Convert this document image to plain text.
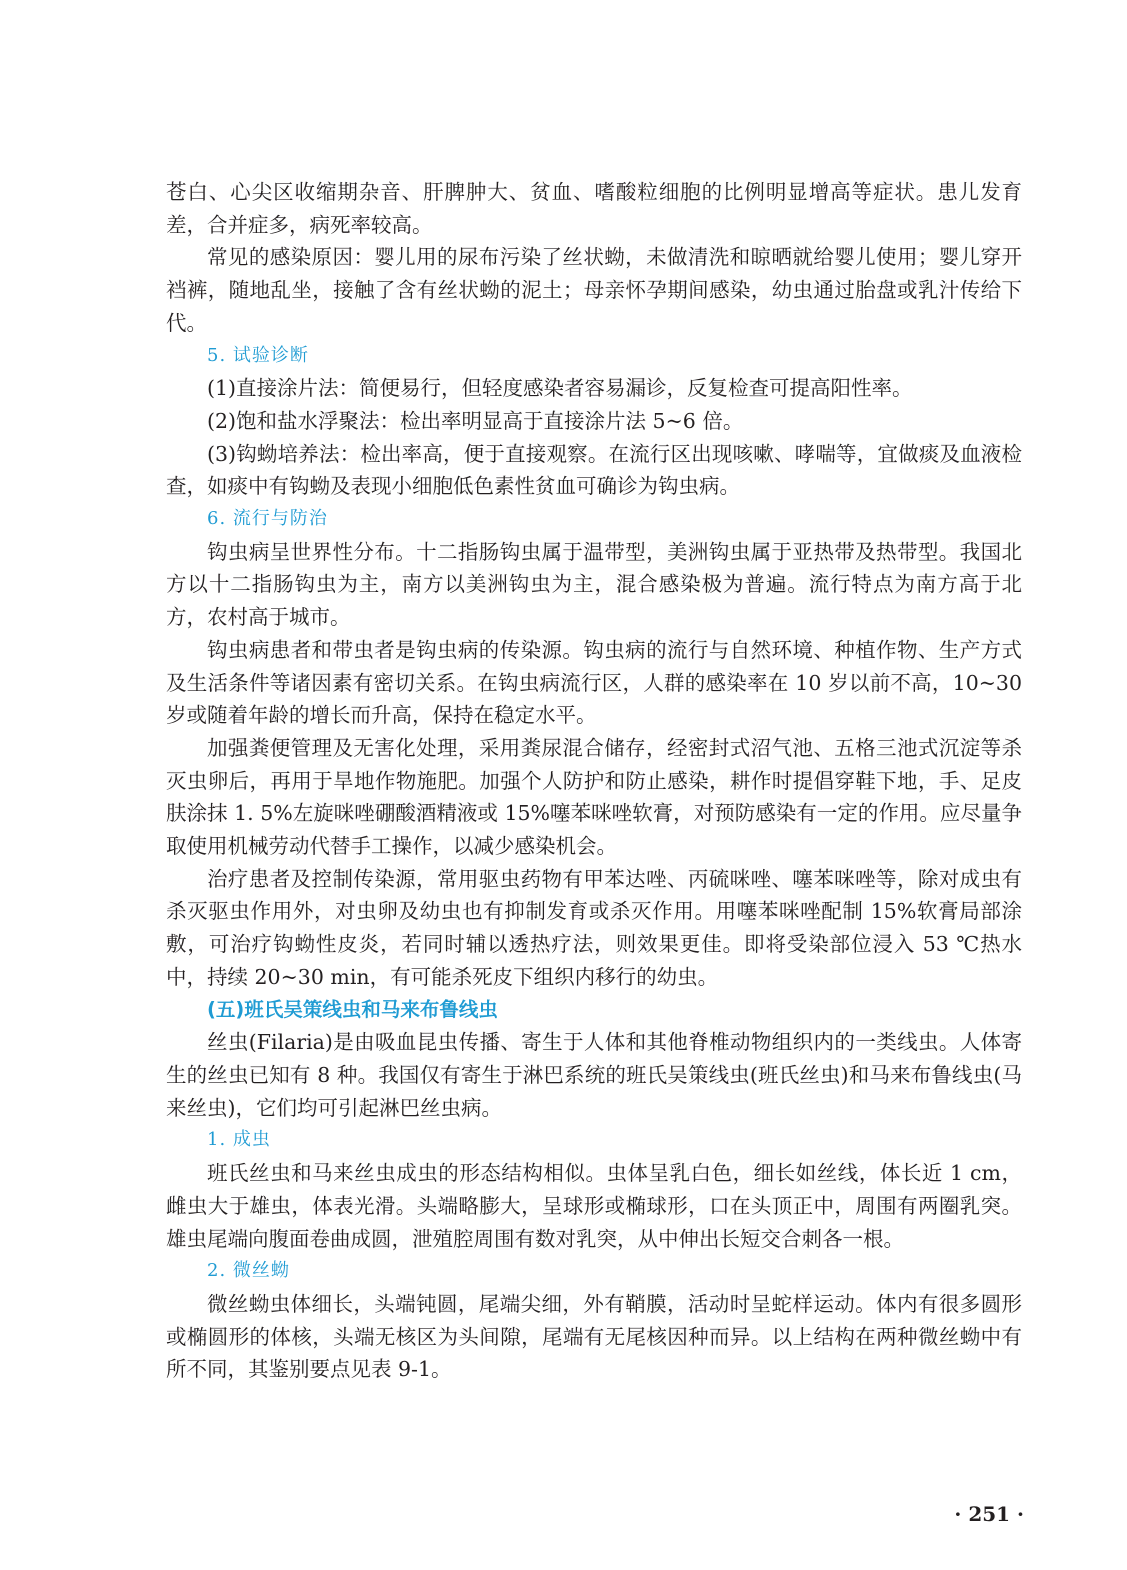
苍白、心尖区收缩期杂音、肝脾肿大、贫血、嗜酸粒细胞的比例明显增高等症状。患儿发育差，合并症多，病死率较高。

常见的感染原因：婴儿用的尿布污染了丝状蚴，未做清洗和晾晒就给婴儿使用；婴儿穿开裆裤，随地乱坐，接触了含有丝状蚴的泥土；母亲怀孕期间感染，幼虫通过胎盘或乳汁传给下代。

5. 试验诊断

(1)直接涂片法：简便易行，但轻度感染者容易漏诊，反复检查可提高阳性率。

(2)饱和盐水浮聚法：检出率明显高于直接涂片法 5~6 倍。

(3)钩蚴培养法：检出率高，便于直接观察。在流行区出现咳嗽、哮喘等，宜做痰及血液检查，如痰中有钩蚴及表现小细胞低色素性贫血可确诊为钩虫病。

6. 流行与防治

钩虫病呈世界性分布。十二指肠钩虫属于温带型，美洲钩虫属于亚热带及热带型。我国北方以十二指肠钩虫为主，南方以美洲钩虫为主，混合感染极为普遍。流行特点为南方高于北方，农村高于城市。

钩虫病患者和带虫者是钩虫病的传染源。钩虫病的流行与自然环境、种植作物、生产方式及生活条件等诸因素有密切关系。在钩虫病流行区，人群的感染率在 10 岁以前不高，10~30 岁或随着年龄的增长而升高，保持在稳定水平。

加强粪便管理及无害化处理，采用粪尿混合储存，经密封式沼气池、五格三池式沉淀等杀灭虫卵后，再用于旱地作物施肥。加强个人防护和防止感染，耕作时提倡穿鞋下地，手、足皮肤涂抹 1. 5%左旋咪唑硼酸酒精液或 15%噻苯咪唑软膏，对预防感染有一定的作用。应尽量争取使用机械劳动代替手工操作，以减少感染机会。

治疗患者及控制传染源，常用驱虫药物有甲苯达唑、丙硫咪唑、噻苯咪唑等，除对成虫有杀灭驱虫作用外，对虫卵及幼虫也有抑制发育或杀灭作用。用噻苯咪唑配制 15%软膏局部涂敷，可治疗钩蚴性皮炎，若同时辅以透热疗法，则效果更佳。即将受染部位浸入 53 ℃热水中，持续 20~30 min，有可能杀死皮下组织内移行的幼虫。

(五)班氏吴策线虫和马来布鲁线虫

丝虫(Filaria)是由吸血昆虫传播、寄生于人体和其他脊椎动物组织内的一类线虫。人体寄生的丝虫已知有 8 种。我国仅有寄生于淋巴系统的班氏吴策线虫(班氏丝虫)和马来布鲁线虫(马来丝虫)，它们均可引起淋巴丝虫病。

1. 成虫

班氏丝虫和马来丝虫成虫的形态结构相似。虫体呈乳白色，细长如丝线，体长近 1 cm，雌虫大于雄虫，体表光滑。头端略膨大，呈球形或椭球形，口在头顶正中，周围有两圈乳突。雄虫尾端向腹面卷曲成圆，泄殖腔周围有数对乳突，从中伸出长短交合刺各一根。

2. 微丝蚴

微丝蚴虫体细长，头端钝圆，尾端尖细，外有鞘膜，活动时呈蛇样运动。体内有很多圆形或椭圆形的体核，头端无核区为头间隙，尾端有无尾核因种而异。以上结构在两种微丝蚴中有所不同，其鉴别要点见表 9-1。

· 251 ·
